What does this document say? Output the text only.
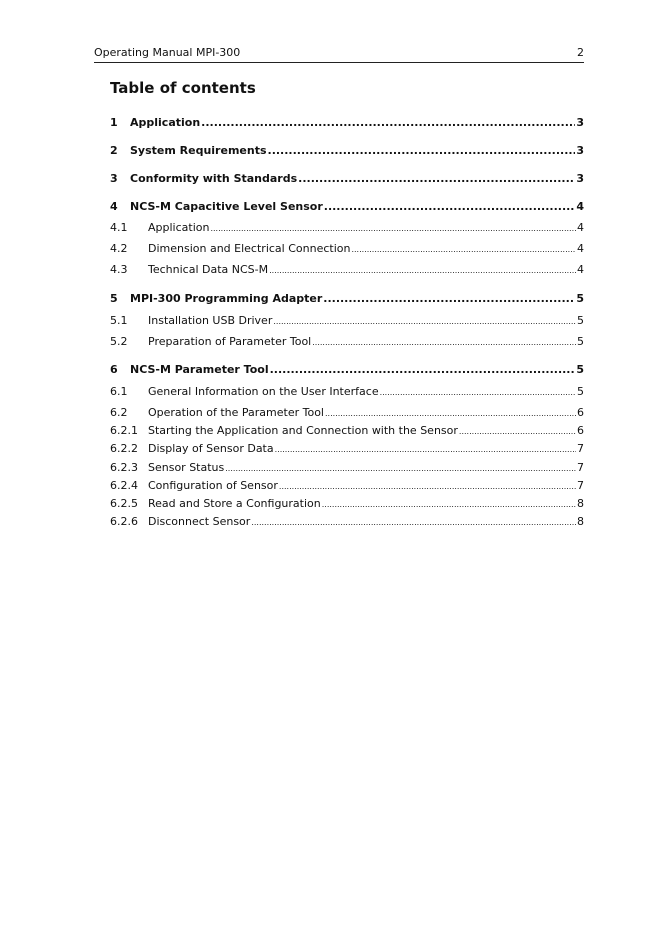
Operating Manual MPI-300	2
Table of contents
1	Application .....	3
2	System Requirements .....	3
3	Conformity with Standards .....	3
4	NCS-M Capacitive Level Sensor .....	4
4.1	Application .....	4
4.2	Dimension and Electrical Connection .....	4
4.3	Technical Data NCS-M .....	4
5	MPI-300 Programming Adapter .....	5
5.1	Installation USB Driver .....	5
5.2	Preparation of Parameter Tool .....	5
6	NCS-M Parameter Tool .....	5
6.1	General Information on the User Interface .....	5
6.2	Operation of the Parameter Tool .....	6
6.2.1 Starting the Application and Connection with the Sensor .....	6
6.2.2 Display of Sensor Data .....	7
6.2.3 Sensor Status .....	7
6.2.4 Configuration of Sensor .....	7
6.2.5 Read and Store a Configuration .....	8
6.2.6 Disconnect Sensor .....	8
